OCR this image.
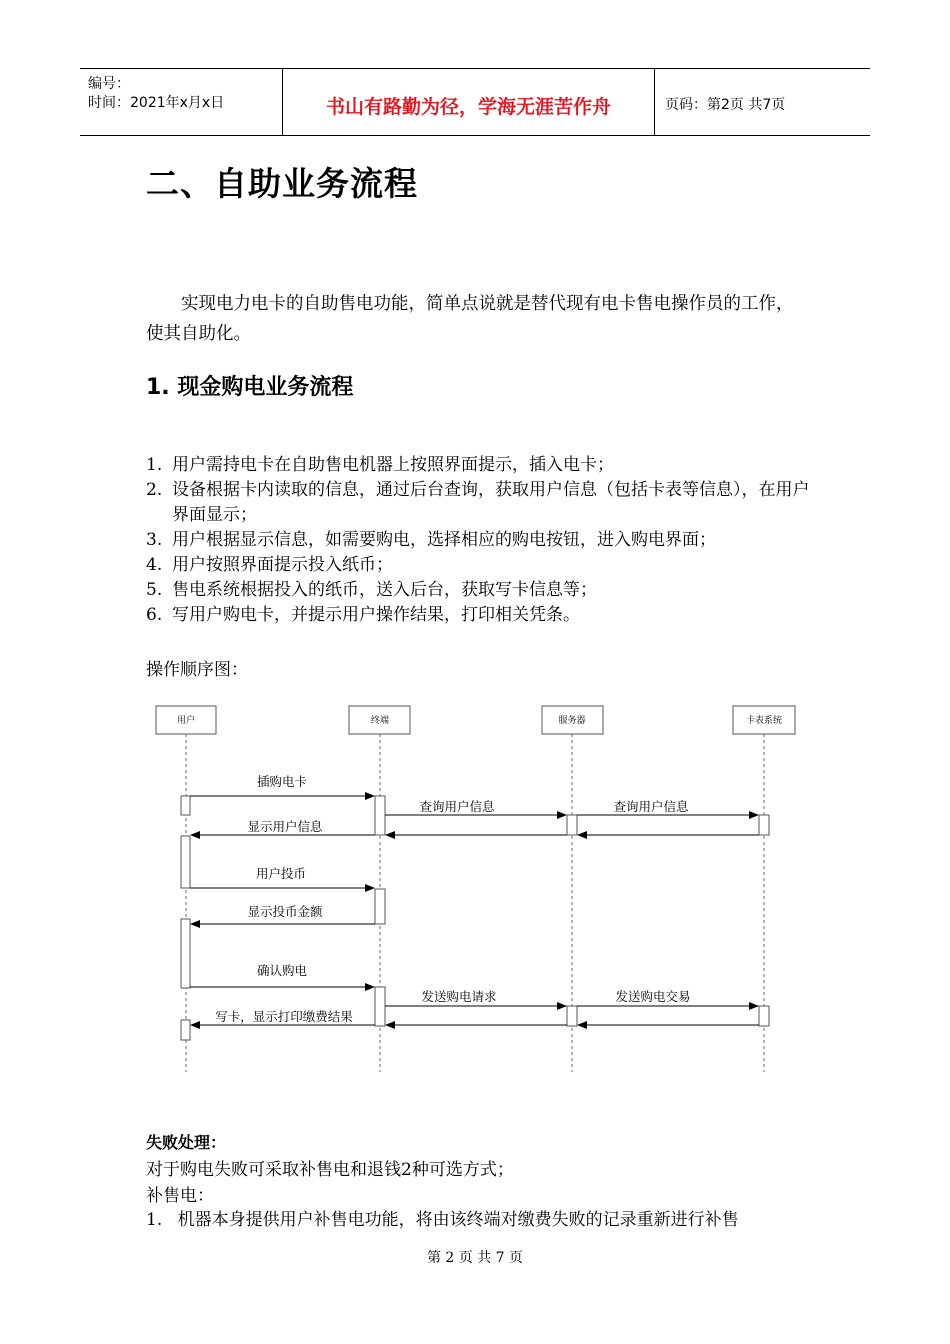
编号：
时间：2021年x月x日	书山有路勤为径，学海无涯苦作舟	页码：第2页 共7页
二、自助业务流程

实现电力电卡的自助售电功能，简单点说就是替代现有电卡售电操作员的工作，使其自助化。

1. 现金购电业务流程
1. 用户需持电卡在自助售电机器上按照界面提示，插入电卡；
2. 设备根据卡内读取的信息，通过后台查询，获取用户信息（包括卡表等信息），在用户界面显示；
3. 用户根据显示信息，如需要购电，选择相应的购电按钮，进入购电界面；
4. 用户按照界面提示投入纸币；
5. 售电系统根据投入的纸币，送入后台，获取写卡信息等；
6. 写用户购电卡，并提示用户操作结果，打印相关凭条。
操作顺序图：
用户	终端	服务器	卡表系统
插购电卡
查询用户信息	查询用户信息
显示用户信息
用户投币
显示投币金额
确认购电
发送购电请求	发送购电交易
写卡，显示打印缴费结果
失败处理：
对于购电失败可采取补售电和退钱2种可选方式；
补售电：
1. 机器本身提供用户补售电功能，将由该终端对缴费失败的记录重新进行补售
第 2 页 共 7 页
